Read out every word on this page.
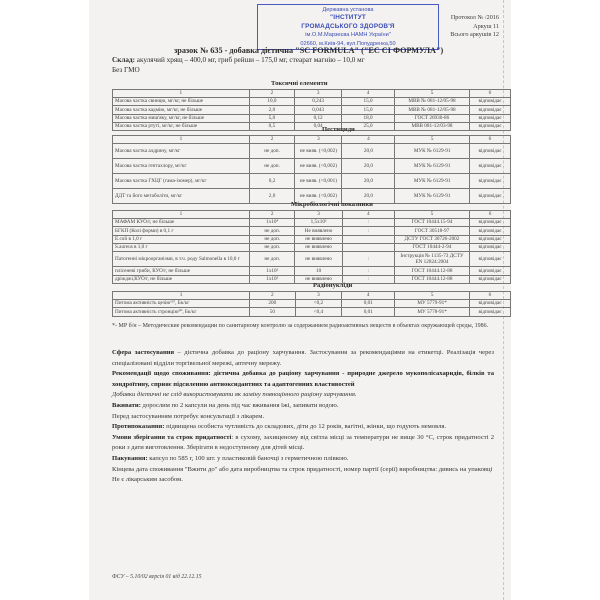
Державна установа
"ІНСТИТУТ
ГРОМАДСЬКОГО ЗДОРОВ'Я
ім.О.М.Марзеєва НАМН України"
02660, м.Київ-94, вул.Попудренка,50
Протокол № /2016
Аркуш 11
Всього аркушів 12
зразок № 635 - добавка дієтична "SC FORMULA" ("ЕС СІ ФОРМУЛА")
Склад: акулячий хрящ – 400,0 мг, гриб рейши – 175,0 мг, стеарат магнію – 10,0 мг
Без ГМО
Токсичні елементи
1	2	3	4	5	6
Масова частка свинцю, мг/кг, не більше	10,0	0,243	15,0	МВВ № 081-12/05-98	відповідає
Масова частка кадмію, мг/кг, не більше	2,0	0,043	15,0	МВВ № 081-12/05-98	відповідає
Масова частка миш'яку, мг/кг, не більше	5,0	0,12	18,0	ГОСТ 26930-86	відповідає
Масова частка ртуті, мг/кг, не більше	0,5	0,04	25,0	МВВ 081-12/03-98	відповідає
Пестициди
1	2	3	4	5	6
Масова частка алдрину, мг/кг	не доп.	не вияв. (<0,002)	20,0	МУК № 6129-91	відповідає
Масова частка гептахлору, мг/кг	не доп.	не вияв. (<0,002)	20,0	МУК № 6129-91	відповідає
Масова частка ГХЦГ (гама-ізомер), мг/кг	0,2	не вияв. (<0,001)	20,0	МУК № 6129-91	відповідає
ДДТ та його метаболіти, мг/кг	2,0	не вияв. (<0,002)	20,0	МУК № 6129-91	відповідає
Мікробіологічні показники
1	2	3	4	5	6
МАФАМ КУО/г, не більше	1x10⁴	1,5x10²	:	ГОСТ 10444.15-94	відповідає
БГКП (Колі форми) в 0,1 г	не доп.	Не виявлено	:	ГОСТ 30518-97	відповідає
E.coli в 1,0 г	не доп.	не виявлено		ДСТУ ГОСТ 30726-2002	відповідає
S.aureus в 1,0 г	не доп.	не виявлено		ГОСТ 10444-2-94	відповідає
Патогенні мікроорганізми, в т.ч. роду Salmonella в 10,0 г	не доп.	не виявлено	:	Інструкція № 1135-73 ДСТУ EN 12824:2004	відповідає
плісеневі гриби, КУО/г, не більше	1x10²	10	:	ГОСТ 10444.12-88	відповідає
дріжджі,КУО/г, не більше	1x10²	не виявлено	:	ГОСТ 10444.12-88	відповідає
Радіонукліди
1	2	3	4	5	6
Питома активність цезію¹³⁷, Бк/кг	200	<0,2	0,01	МУ 5779-91*	відповідає
Питома активність стронцію⁹⁰, Бк/кг	50	<0,4	0,01	МУ 5778-91*	відповідає
*- МР б/н – Методические рекомендации по санитарному контролю за содержанием радиоактивных веществ в объектах окружающей среды, 1986.

Сфера застосування – дієтична добавка до раціону харчування. Застосування за рекомендаціями на етикетці. Реалізація через спеціалізовані відділи торгівельної мережі, аптечну мережу.

Рекомендації щодо споживання: дієтична добавка до раціону харчування - природне джерело мукополісахаридів, білків та хондроїтину, сприяє підсиленню антиоксидантних та адаптогенних властивостей

Добавки дієтичні не слід використовувати як заміну повноцінного раціону харчування.

Вживати: дорослим по 2 капсули на день під час вживання їжі, запивати водою.

Перед застосуванням потребує консультації з лікарем.

Протипоказання: підвищена особиста чутливість до складових, діти до 12 років, вагітні, жінки, що годують немовля.

Умови зберігання та строк придатності: в сухому, захищеному від світла місці за температури не вище 30 °С, строк придатності 2 роки з дати виготовлення. Зберігати в недоступному для дітей місці.

Пакування: капсул по 585 г, 100 шт. у пластиковій баночці з герметичною плівкою.

Кінцева дата споживання "Вжити до" або дата виробництва та строк придатності, номер партії (серії) виробництва: дивись на упаковці

Не є лікарським засобом.

ФСУ – 5.10/02 версія 01 від 22.12.15
